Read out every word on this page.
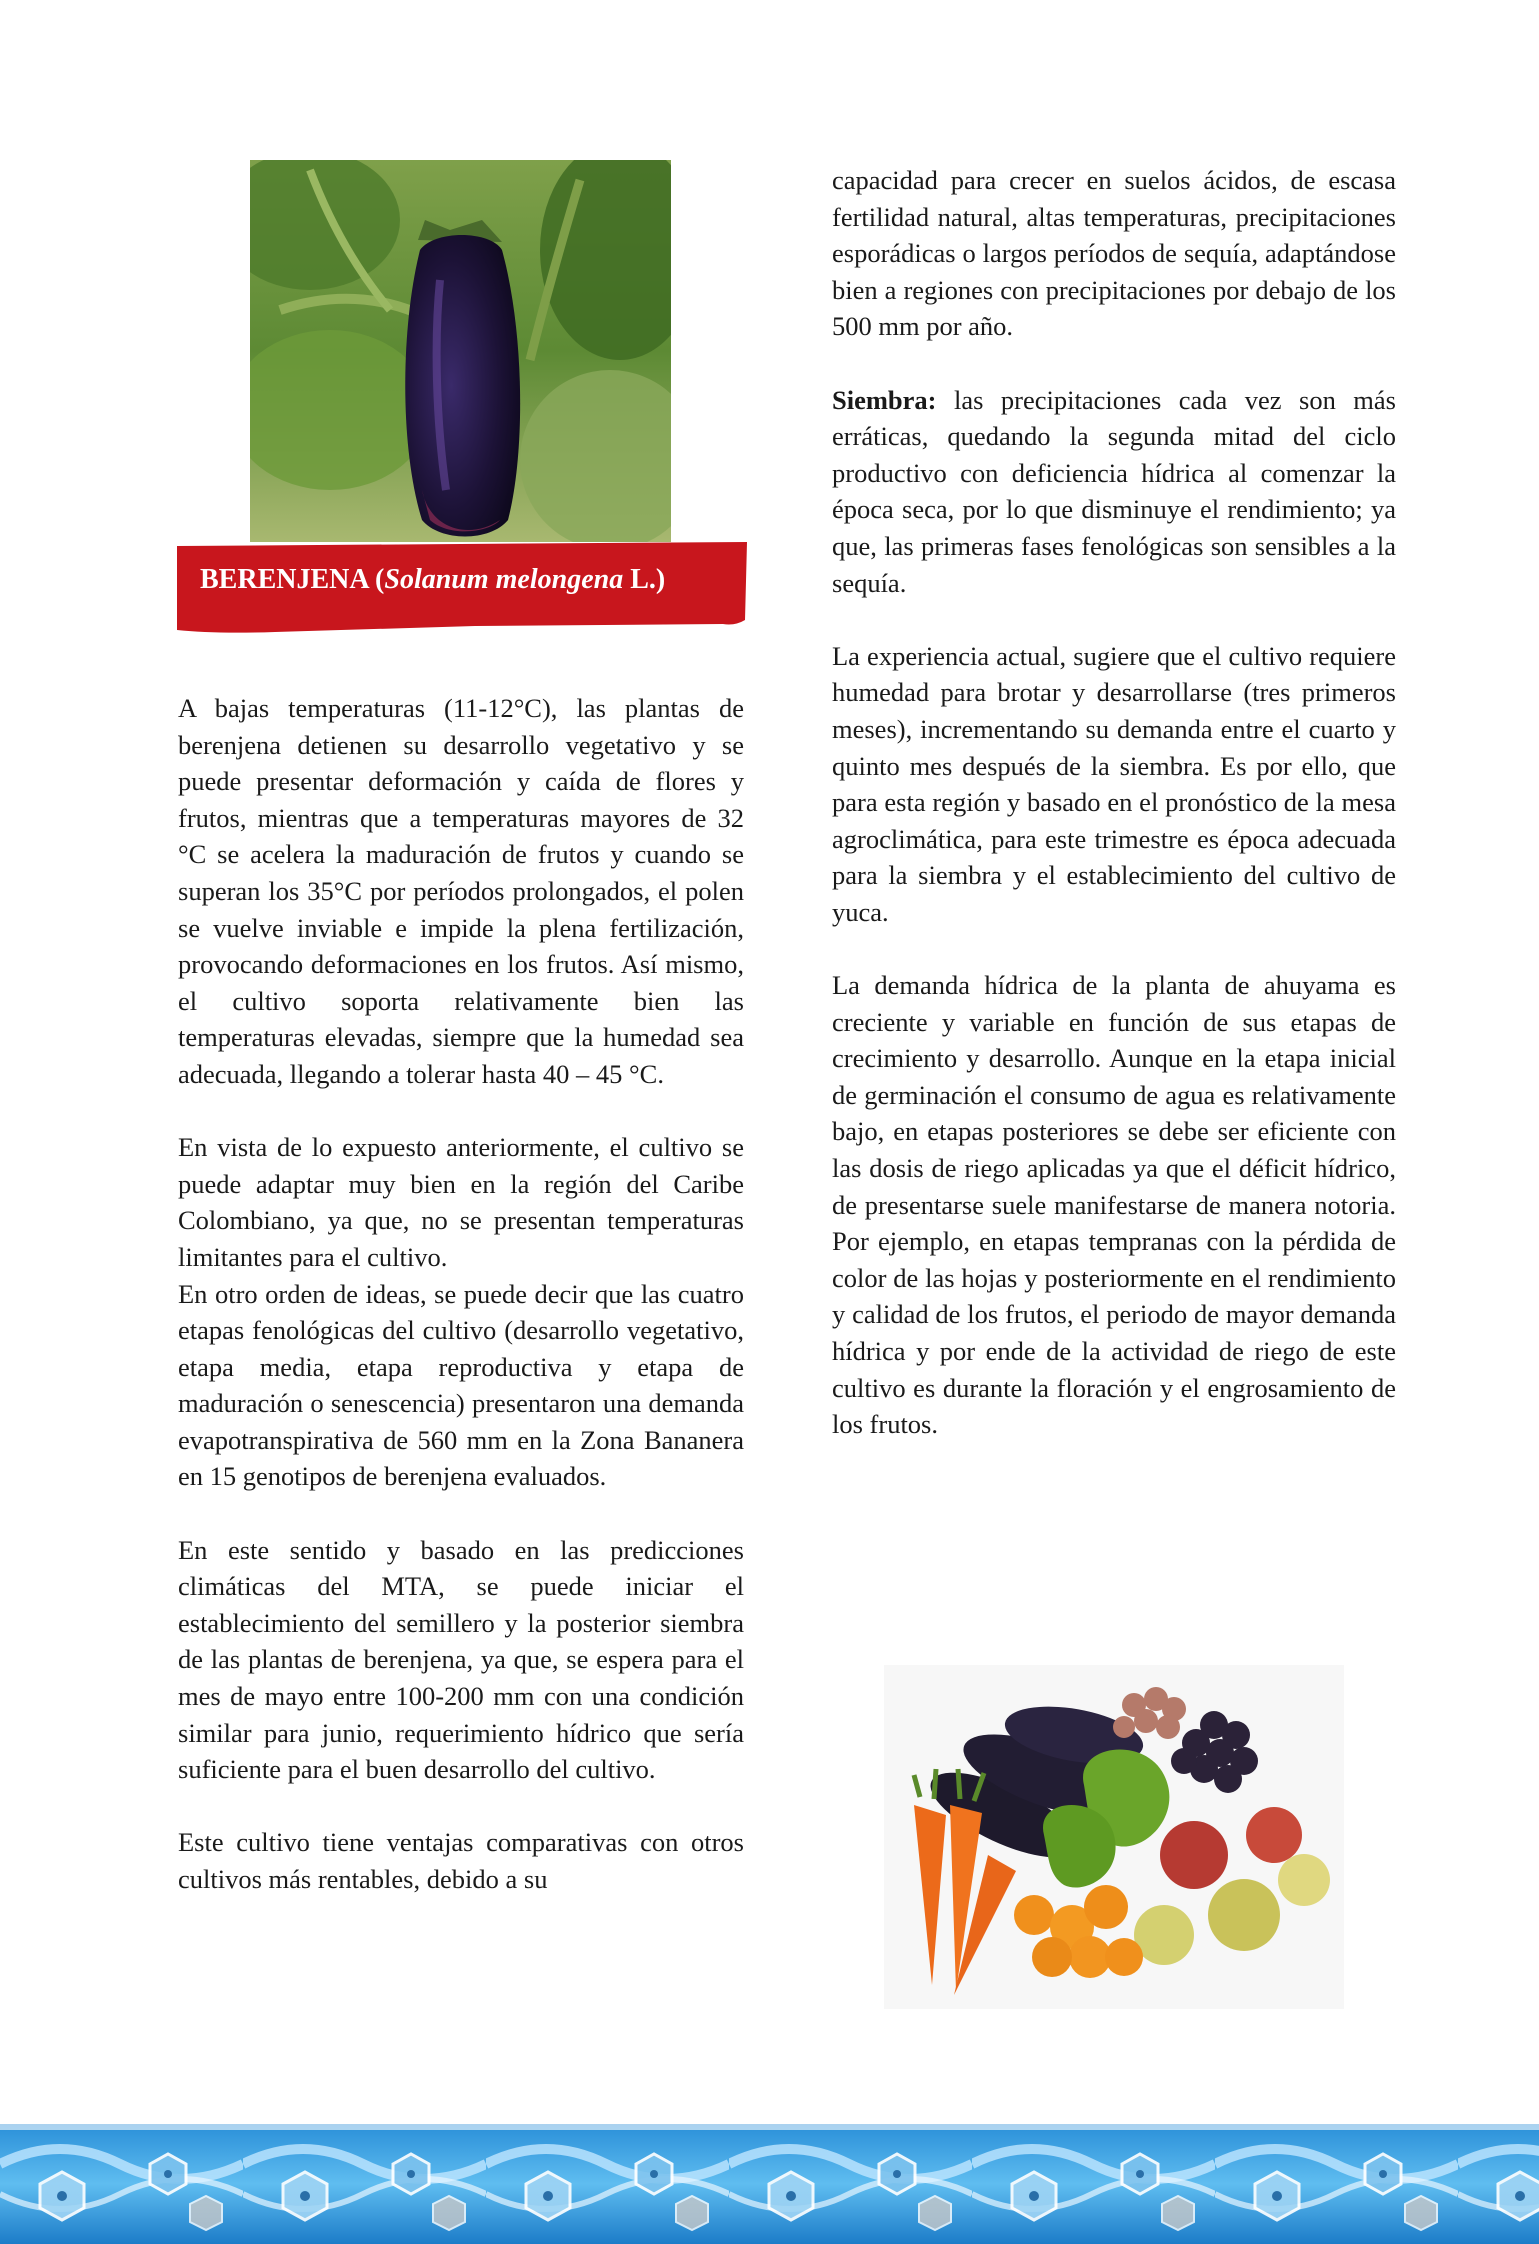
BERENJENA (Solanum melongena L.)

A bajas temperaturas (11-12°C), las plantas de berenjena detienen su desarrollo vegetativo y se puede presentar deformación y caída de flores y frutos, mientras que a temperaturas mayores de 32 °C se acelera la maduración de frutos y cuando se superan los 35°C por períodos prolongados, el polen se vuelve inviable e impide la plena fertilización, provocando deformaciones en los frutos. Así mismo, el cultivo soporta relativamente bien las temperaturas elevadas, siempre que la humedad sea adecuada, llegando a tolerar hasta 40 – 45 °C.

En vista de lo expuesto anteriormente, el cultivo se puede adaptar muy bien en la región del Caribe Colombiano, ya que, no se presentan temperaturas limitantes para el cultivo.

En otro orden de ideas, se puede decir que las cuatro etapas fenológicas del cultivo (desarrollo vegetativo, etapa media, etapa reproductiva y etapa de maduración o senescencia) presentaron una demanda evapotranspirativa de 560 mm en la Zona Bananera en 15 genotipos de berenjena evaluados.

En este sentido y basado en las predicciones climáticas del MTA, se puede iniciar el establecimiento del semillero y la posterior siembra de las plantas de berenjena, ya que, se espera para el mes de mayo entre 100-200 mm con una condición similar para junio, requerimiento hídrico que sería suficiente para el buen desarrollo del cultivo.

Este cultivo tiene ventajas comparativas con otros cultivos más rentables, debido a su

capacidad para crecer en suelos ácidos, de escasa fertilidad natural, altas temperaturas, precipitaciones esporádicas o largos períodos de sequía, adaptándose bien a regiones con precipitaciones por debajo de los 500 mm por año.

Siembra: las precipitaciones cada vez son más erráticas, quedando la segunda mitad del ciclo productivo con deficiencia hídrica al comenzar la época seca, por lo que disminuye el rendimiento; ya que, las primeras fases fenológicas son sensibles a la sequía.

La experiencia actual, sugiere que el cultivo requiere humedad para brotar y desarrollarse (tres primeros meses), incrementando su demanda entre el cuarto y quinto mes después de la siembra. Es por ello, que para esta región y basado en el pronóstico de la mesa agroclimática, para este trimestre es época adecuada para la siembra y el establecimiento del cultivo de yuca.

La demanda hídrica de la planta de ahuyama es creciente y variable en función de sus etapas de crecimiento y desarrollo. Aunque en la etapa inicial de germinación el consumo de agua es relativamente bajo, en etapas posteriores se debe ser eficiente con las dosis de riego aplicadas ya que el déficit hídrico, de presentarse suele manifestarse de manera notoria. Por ejemplo, en etapas tempranas con la pérdida de color de las hojas y posteriormente en el rendimiento y calidad de los frutos, el periodo de mayor demanda hídrica y por ende de la actividad de riego de este cultivo es durante la floración y el engrosamiento de los frutos.
